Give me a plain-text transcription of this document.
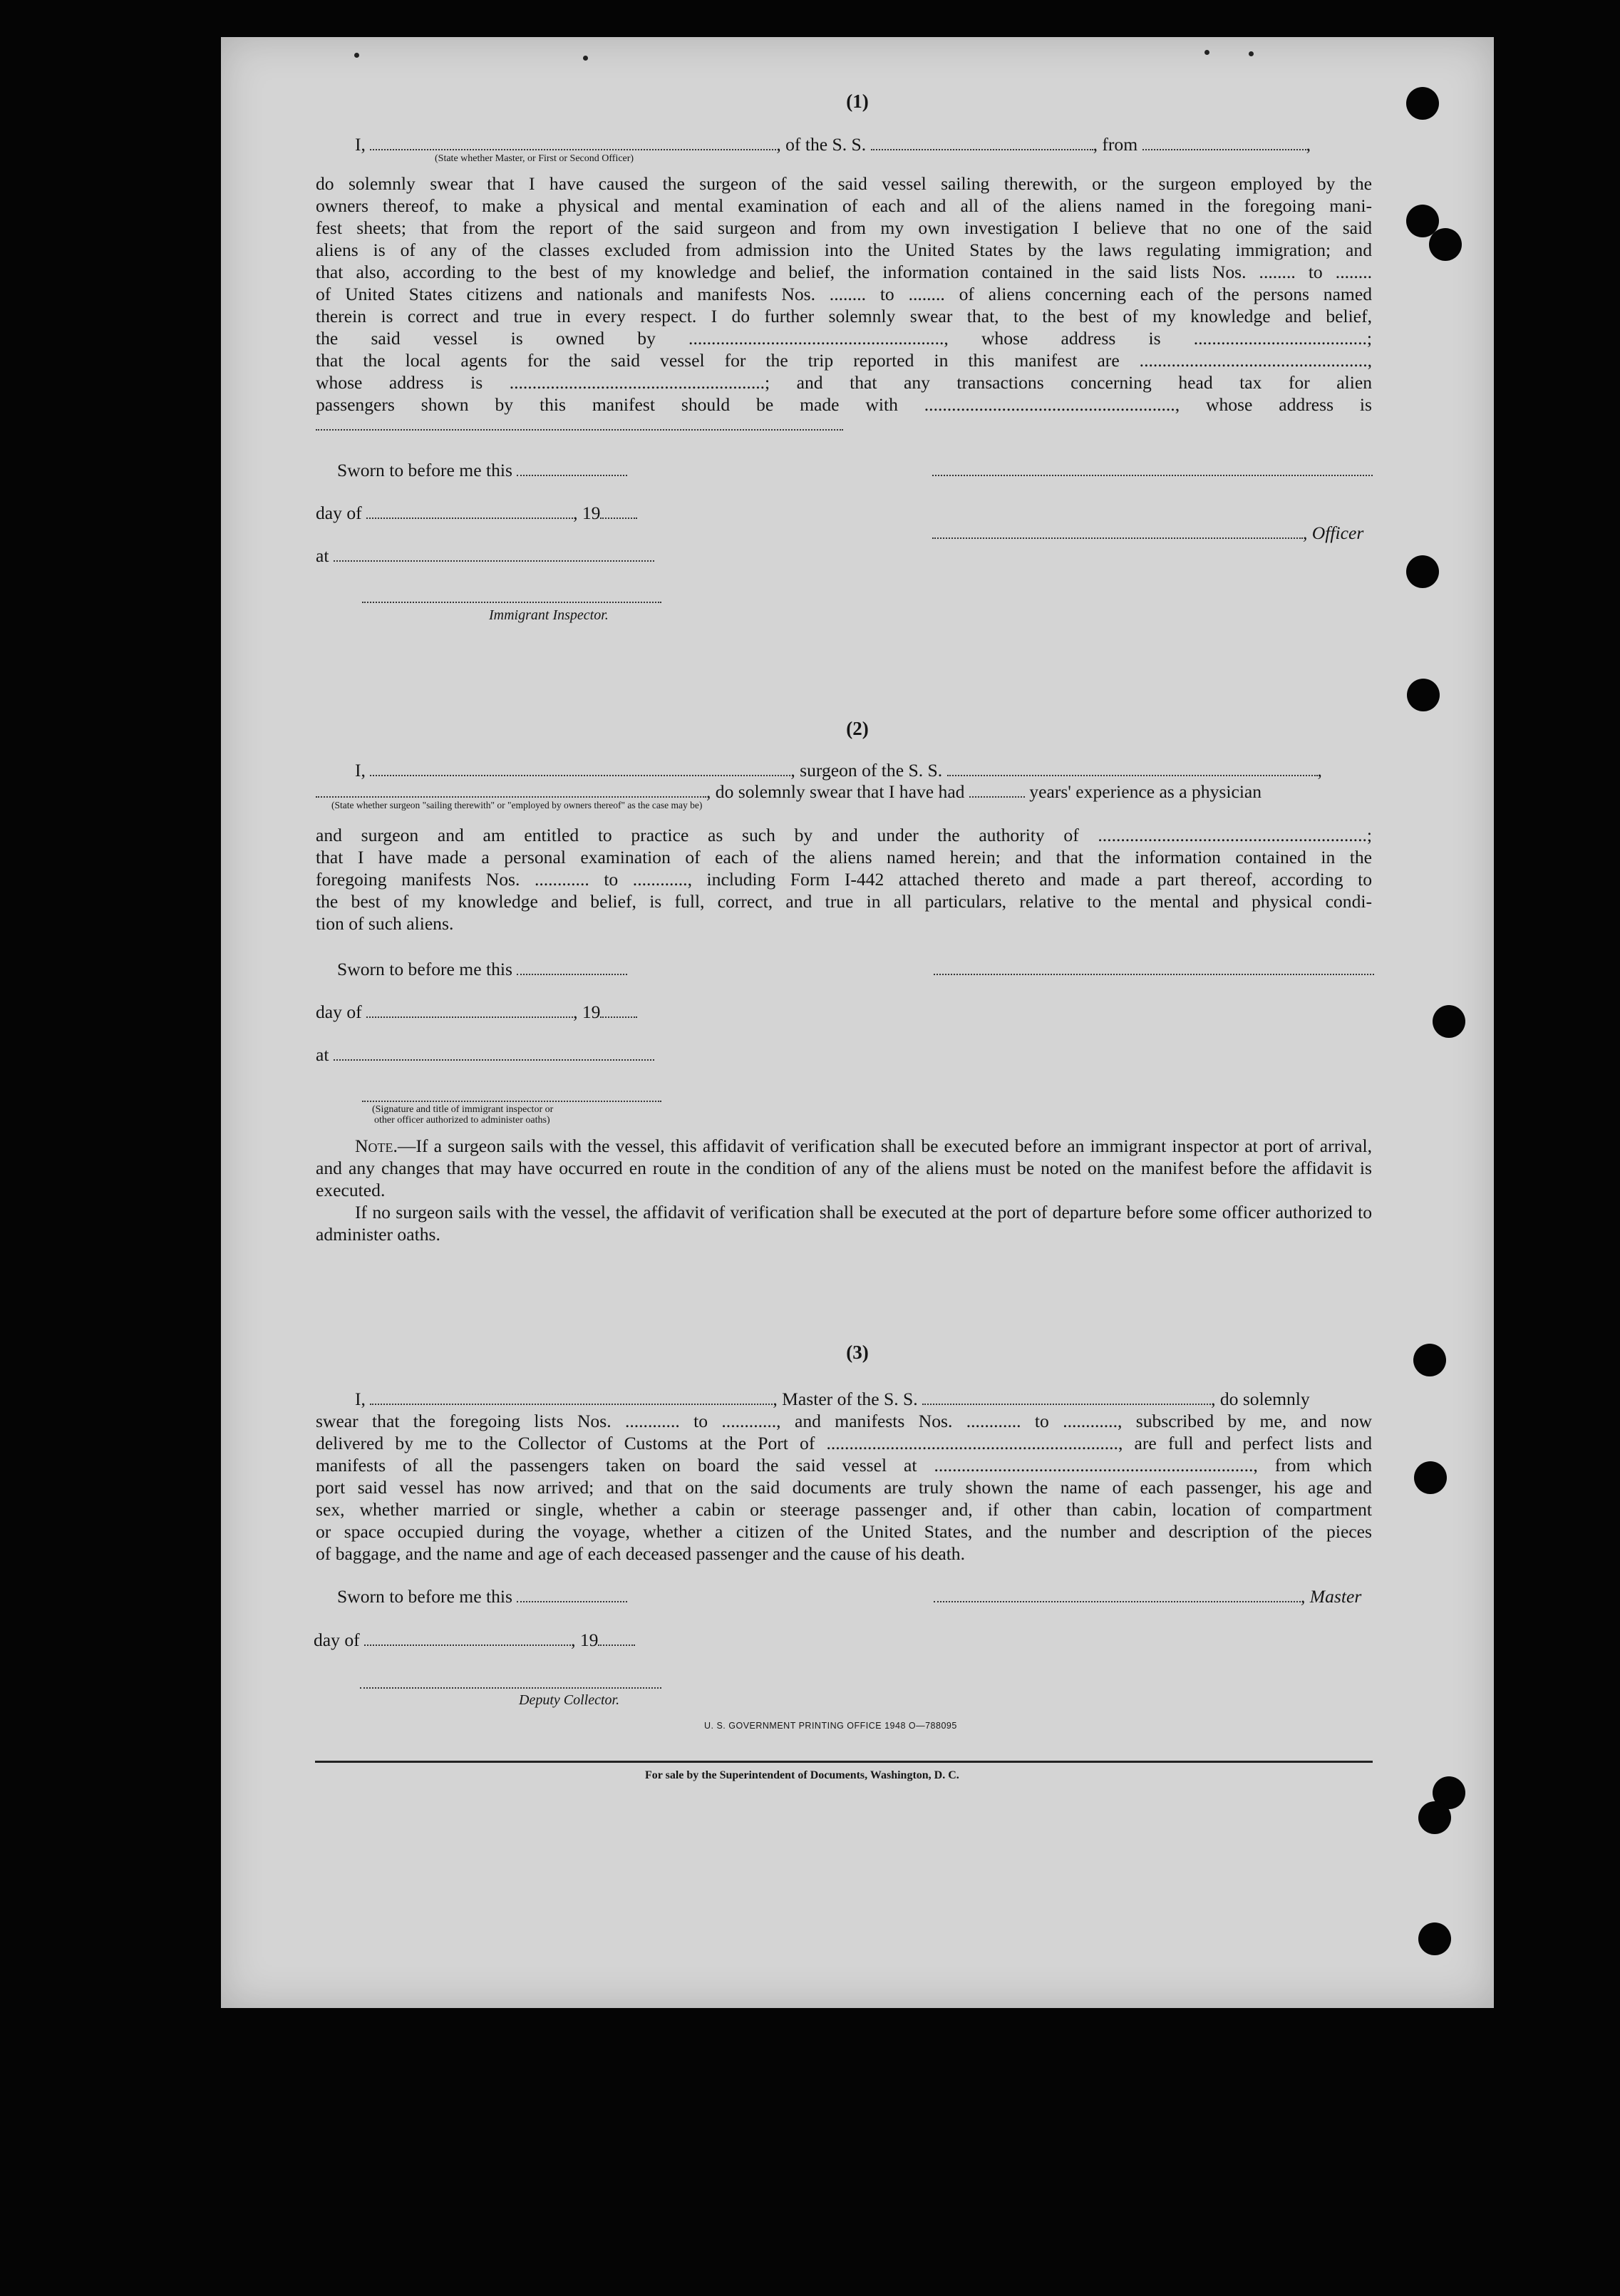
(1)
I,	, of the S. S.	, from	,
(State whether Master, or First or Second Officer)
do solemnly swear that I have caused the surgeon of the said vessel sailing therewith, or the surgeon employed by the
owners thereof, to make a physical and mental examination of each and all of the aliens named in the foregoing mani-
fest sheets; that from the report of the said surgeon and from my own investigation I believe that no one of the said
aliens is of any of the classes excluded from admission into the United States by the laws regulating immigration; and
that also, according to the best of my knowledge and belief, the information contained in the said lists Nos. ........ to ........
of United States citizens and nationals and manifests Nos. ........ to ........ of aliens concerning each of the persons named
therein is correct and true in every respect. I do further solemnly swear that, to the best of my knowledge and belief,
the said vessel is owned by ........................................................, whose address is ......................................;
that the local agents for the said vessel for the trip reported in this manifest are ..................................................,
whose address is ........................................................; and that any transactions concerning head tax for alien
passengers shown by this manifest should be made with ......................................................., whose address is
Sworn to before me this
day of	, 19
, Officer
at
Immigrant Inspector.
(2)
I,	, surgeon of the S. S.	,
, do solemnly swear that I have had	years' experience as a physician
(State whether surgeon "sailing therewith" or "employed by owners thereof" as the case may be)
and surgeon and am entitled to practice as such by and under the authority of ...........................................................;
that I have made a personal examination of each of the aliens named herein; and that the information contained in the
foregoing manifests Nos. ............ to ............, including Form I-442 attached thereto and made a part thereof, according to
the best of my knowledge and belief, is full, correct, and true in all particulars, relative to the mental and physical condi-
tion of such aliens.
Sworn to before me this
day of	, 19
at
(Signature and title of immigrant inspector or
other officer authorized to administer oaths)
Note.—If a surgeon sails with the vessel, this affidavit of verification shall be executed before an immigrant inspector at port of arrival, and any changes that may have occurred en route in the condition of any of the aliens must be noted on the manifest before the affidavit is executed.
If no surgeon sails with the vessel, the affidavit of verification shall be executed at the port of departure before some officer authorized to administer oaths.
(3)
I,	, Master of the S. S.	, do solemnly
swear that the foregoing lists Nos. ............ to ............, and manifests Nos. ............ to ............, subscribed by me, and now
delivered by me to the Collector of Customs at the Port of ................................................................, are full and perfect lists and
manifests of all the passengers taken on board the said vessel at ......................................................................, from which
port said vessel has now arrived; and that on the said documents are truly shown the name of each passenger, his age and
sex, whether married or single, whether a cabin or steerage passenger and, if other than cabin, location of compartment
or space occupied during the voyage, whether a citizen of the United States, and the number and description of the pieces
of baggage, and the name and age of each deceased passenger and the cause of his death.
Sworn to before me this	, Master
day of	, 19
Deputy Collector.
U. S. GOVERNMENT PRINTING OFFICE 1948 O—788095
For sale by the Superintendent of Documents, Washington, D. C.
